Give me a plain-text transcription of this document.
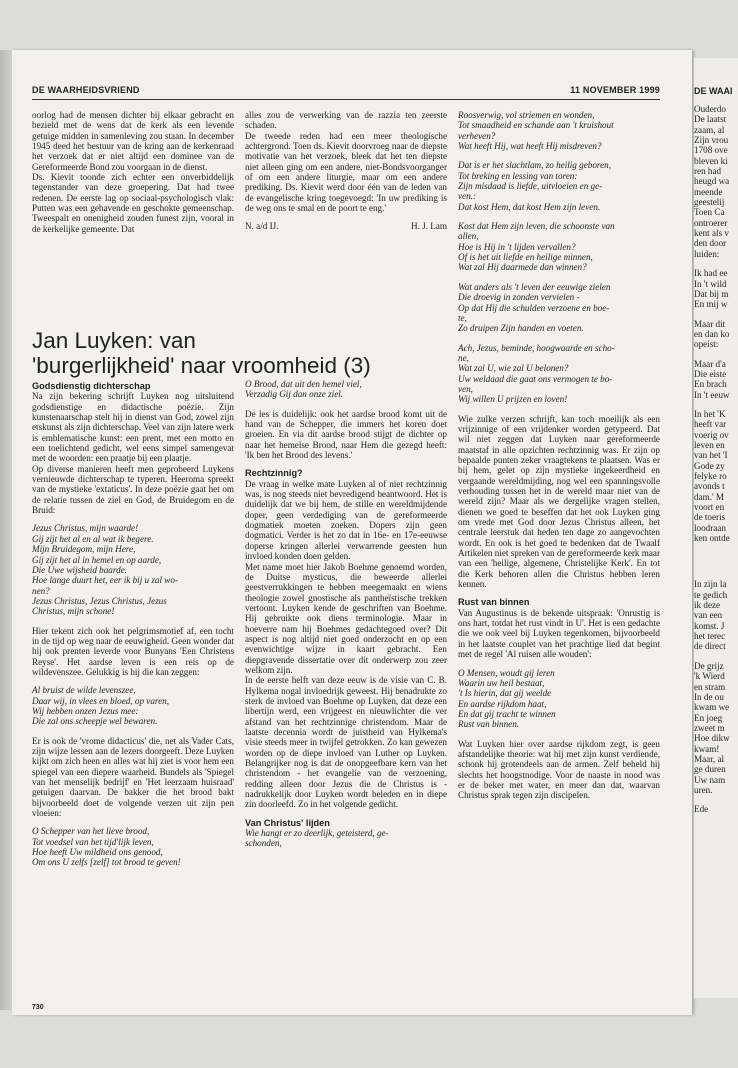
DE WAARHEIDSVRIEND	11 NOVEMBER 1999

oorlog had de mensen dichter bij elkaar gebracht en bezield met de wens dat de kerk als een levende getuige midden in samenleving zou staan. In december 1945 deed het bestuur van de kring aan de kerkenraad het verzoek dat er niet altijd een dominee van de Gereformeerde Bond zou voorgaan in de dienst.

Ds. Kievit toonde zich echter een onverbiddelijk tegenstander van deze groepering. Dat had twee redenen. De eerste lag op sociaal-psychologisch vlak: Putten was een gehavende en geschokte gemeenschap. Tweespalt en onenigheid zouden funest zijn, vooral in de kerkelijke gemeente. Dat

alles zou de verwerking van de razzia ten zeerste schaden.

De tweede reden had een meer theologische achtergrond. Toen ds. Kievit doorvroeg naar de diepste motivatie van het verzoek, bleek dat het ten diepste niet alleen ging om een andere, niet-Bondsvoorganger of om een andere liturgie, maar om een andere prediking. Ds. Kievit werd door één van de leden van de evangelische kring toegevoegd: 'In uw prediking is de weg ons te smal en de poort te eng.'

N. a/d IJ.	H. J. Lam
Jan Luyken: van
'burgerlijkheid' naar vroomheid (3)
Godsdienstig dichterschap

Na zijn bekering schrijft Luyken nog uitsluitend godsdienstige en didactische poëzie. Zijn kunstenaarschap stelt hij in dienst van God, zowel zijn etskunst als zijn dichterschap. Veel van zijn latere werk is emblematische kunst: een prent, met een motto en een toelichtend gedicht, wel eens simpel samengevat met de woorden: een praatje bij een plaatje.

Op diverse manieren heeft men geprobeerd Luykens vernieuwde dichterschap te typeren. Heeroma spreekt van de mystieke 'extaticus'. In deze poëzie gaat het om de relatie tussen de ziel en God, de Bruidegom en de Bruid:

Jezus Christus, mijn waarde!
Gij zijt het al en al wat ik begere.
Mijn Bruidegom, mijn Here,
Gij zijt het al in hemel en op aarde,
Die Uwe wijsheid baarde.
Hoe lange duurt het, eer ik bij u zal wo-
nen?
Jezus Christus, Jezus Christus, Jezus
Christus, mijn schone!

Hier tekent zich ook het pelgrimsmotief af, een tocht in de tijd op weg naar de eeuwigheid. Geen wonder dat hij ook prenten leverde voor Bunyans 'Een Christens Reyse'. Het aardse leven is een reis op de wildevenszee. Gelukkig is hij die kan zeggen:

Al bruist de wilde levenszee,
Daar wij, in vlees en bloed, op varen,
Wij hebben onzen Jezus mee:
Die zal ons scheepje wel bewaren.

Er is ook de 'vrome didacticus' die, net als Vader Cats, zijn wijze lessen aan de lezers doorgeeft. Deze Luyken kijkt om zich heen en alles wat hij ziet is voor hem een spiegel van een diepere waarheid. Bundels als 'Spiegel van het menselijk bedrijf' en 'Het leerzaam huisraad' getuigen daarvan. De bakker die het brood bakt bijvoorbeeld doet de volgende verzen uit zijn pen vloeien:

O Schepper van het lieve brood,
Tot voedsel van het tijd'lijk leven,
Hoe heeft Uw mildheid ons genood,
Om ons U zelfs [zelf] tot brood te geven!
O Brood, dat uit den hemel viel,
Verzadig Gij dan onze ziel.

De les is duidelijk: ook het aardse brood komt uit de hand van de Schepper, die immers het koren doet groeien. En via dit aardse brood stijgt de dichter op naar het hemelse Brood, naar Hem die gezegd heeft: 'Ik ben het Brood des levens.'

Rechtzinnig?

De vraag in welke mate Luyken al of niet rechtzinnig was, is nog steeds niet bevredigend beantwoord. Het is duidelijk dat we bij hem, de stille en wereldmijdende doper, geen verdediging van de gereformeerde dogmatiek moeten zoeken. Dopers zijn geen dogmatici. Verder is het zo dat in 16e- en 17e-eeuwse doperse kringen allerlei verwarrende geesten hun invloed konden doen gelden.

Met name moet hier Jakob Boehme genoemd worden, de Duitse mysticus, die beweerde allerlei geestverrukkingen te hebben meegemaakt en wiens theologie zowel gnostische als pantheïstische trekken vertoont. Luyken kende de geschriften van Boehme. Hij gebruikte ook diens terminologie. Maar in hoeverre nam hij Boehmes gedachtegoed over? Dit aspect is nog altijd niet goed onderzocht en op een evenwichtige wijze in kaart gebracht. Een diepgravende dissertatie over dit onderwerp zou zeer welkom zijn.

In de eerste helft van deze eeuw is de visie van C. B. Hylkema nogal invloedrijk geweest. Hij benadrukte zo sterk de invloed van Boehme op Luyken, dat deze een libertijn werd, een vrijgeest en nieuwlichter die ver afstand van het rechtzinnige christendom. Maar de laatste decennia wordt de juistheid van Hylkema's visie steeds meer in twijfel getrokken. Zo kan gewezen worden op de diepe invloed van Luther op Luyken. Belangrijker nog is dat de onopgeefbare kern van het christendom - het evangelie van de verzoening, redding alleen door Jezus die de Christus is - nadrukkelijk door Luyken wordt beleden en in diepe zin doorleefd. Zo in het volgende gedicht.

Van Christus' lijden
Wie hangt er zo deerlijk, geteisterd, ge-
schonden,
Roosverwig, vol striemen en wonden,
Tot smaadheid en schande aan 't kruishout
verheven?
Wat heeft Hij, wat heeft Hij misdreven?
Dat is er het slachtlam, zo heilig geboren,
Tot breking en lessing van toren:
Zijn misdaad is liefde, uitvloeien en ge-
ven.:
Dat kost Hem, dat kost Hem zijn leven.
Kost dat Hem zijn leven, die schoonste van
allen,
Hoe is Hij in 't lijden vervallen?
Of is het uit liefde en heilige minnen,
Wat zal Hij daarmede dan winnen?
Wat anders als 't leven der eeuwige zielen
Die droevig in zonden vervielen -
Op dat Hij die schulden verzoene en boe-
te,
Zo druipen Zijn handen en voeten.
Ach, Jezus, beminde, hoogwaarde en scho-
ne,
Wat zal U, wie zal U belonen?
Uw weldaad die gaat ons vermogen te bo-
ven,
Wij willen U prijzen en loven!

Wie zulke verzen schrijft, kan toch moeilijk als een vrijzinnige of een vrijdenker worden getypeerd. Dat wil niet zeggen dat Luyken naar gereformeerde maatstaf in alle opzichten rechtzinnig was. Er zijn op bepaalde punten zeker vraagtekens te plaatsen. Was er bij hem, gelet op zijn mystieke ingekeerdheid en vergaande wereldmijding, nog wel een spanningsvolle verhouding tussen het in de wereld maar niet van de wereld zijn? Maar als we dergelijke vragen stellen, dienen we goed te beseffen dat het ook Luyken ging om vrede met God door Jezus Christus alleen, het centrale leerstuk dat heden ten dage zo aangevochten wordt. En ook is het goed te bedenken dat de Twaalf Artikelen niet spreken van de gereformeerde kerk maar van een 'heilige, algemene, Christelijke Kerk'. En tot die Kerk behoren allen die Christus hebben leren kennen.

Rust van binnen

Van Augustinus is de bekende uitspraak: 'Onrustig is ons hart, totdat het rust vindt in U'. Het is een gedachte die we ook veel bij Luyken tegenkomen, bijvoorbeeld in het laatste couplet van het prachtige lied dat begint met de regel 'Al ruisen alle wouden':

O Mensen, woudt gij leren
Waarin uw heil bestaat,
't Is hierin, dat gij weelde
En aardse rijkdom haat,
En dat gij tracht te winnen
Rust van binnen.

Wat Luyken hier over aardse rijkdom zegt, is geen afstandelijke theorie: wat hij met zijn kunst verdiende, schonk hij grotendeels aan de armen. Zelf beheld hij slechts het hoogstnodige. Voor de naaste in nood was er de beker met water, en meer dan dat, waarvan Christus sprak tegen zijn discipelen.

730
DE WAAI
Ouderdo
De laatst
zaam, al
Zijn vrou
1708 ove
bleven ki
ren had
heugd wa
meende
geestelij
Toen Ca
ontroerer
kent als v
den door
luiden:
Ik had ee
In 't wild
Dat bij m
En mij w
Maar dit
en dan ko
opeist:
Maar d'a
Die eiste
En brach
In 't eeuw
In het 'K
heeft var
voerig ov
leven en
van het 'I
Gode zy
felyke ro
avonds t
dam.' M
voort en
de toeris
loodraan
ken ontde
In zijn la
te gedich
ik deze
van een
komst. J
het terec
de direct
De grijz
'k Wierd
en stram
In de ou
kwam we
En joeg
zweet m
Hoe dikw
kwam!
Maar, al
ge duren
Uw nam
uren.
Ede
